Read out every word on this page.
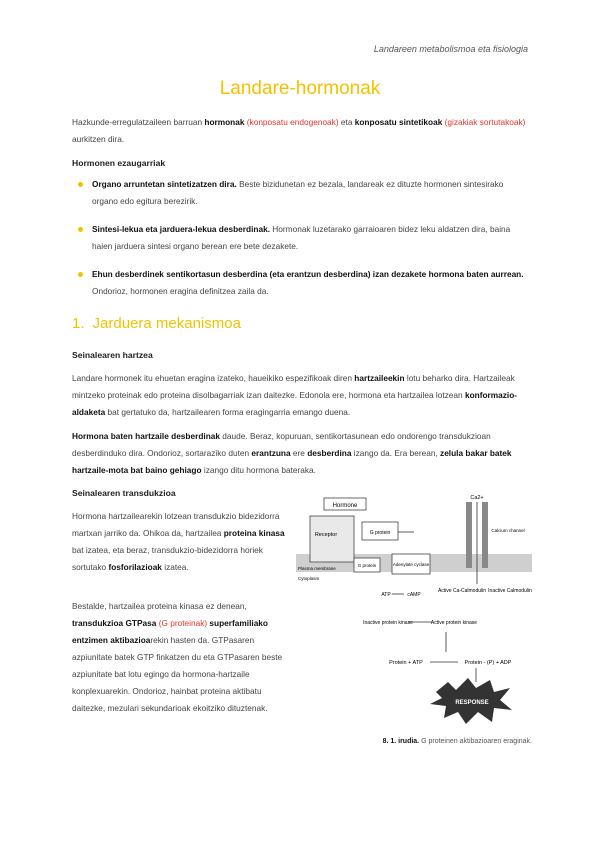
Landareen metabolismoa eta fisiologia
Landare-hormonak
Hazkunde-erregulatzaileen barruan hormonak (konposatu endogenoak) eta konposatu sintetikoak (gizakiak sortutakoak) aurkitzen dira.
Hormonen ezaugarriak
Organo arruntetan sintetizatzen dira. Beste bizidunetan ez bezala, landareak ez dituzte hormonen sintesirako organo edo egitura berezirik.
Sintesi-lekua eta jarduera-lekua desberdinak. Hormonak luzetarako garraioaren bidez leku aldatzen dira, baina haien jarduera sintesi organo berean ere bete dezakete.
Ehun desberdinek sentikortasun desberdina (eta erantzun desberdina) izan dezakete hormona baten aurrean. Ondorioz, hormonen eragina definitzea zaila da.
1. Jarduera mekanismoa
Seinalearen hartzea
Landare hormonek itu ehuetan eragina izateko, haueikiko espezifikoak diren hartzaileekin lotu beharko dira. Hartzaileak mintzeko proteinak edo proteina disolbagarriak izan daitezke. Edonola ere, hormona eta hartzailea lotzean konformazio-aldaketa bat gertatuko da, hartzailearen forma eragingarria emango duena.
Hormona baten hartzaile desberdinak daude. Beraz, kopuruan, sentikortasunean edo ondorengo transdukzioan desberdinduko dira. Ondorioz, sortaraziko duten erantzuna ere desberdina izango da. Era berean, zelula bakar batek hartzaile-mota bat baino gehiago izango ditu hormona bateraka.
Seinalearen transdukzioa
Hormona hartzailearekin lotzean transdukzio bidezidorra martxan jarriko da. Ohikoa da, hartzailea proteina kinasa bat izatea, eta beraz, transdukzio-bidezidorra horiek sortutako fosforilazioak izatea.
Bestalde, hartzailea proteina kinasa ez denean, transdukzioa GTPasa (G proteinak) superfamiliako entzimen aktibazioarekin hasten da. GTPasaren azpiunitate batek GTP finkatzen du eta GTPasaren beste azpiunitate bat lotu egingo da hormona-hartzaile konplexuarekin. Ondorioz, hainbat proteina aktibatu daitezke, mezulari sekundarioak ekoitziko dituztenak.
Hormone
Receptor	G protein
G protein	Adenylate cyclase
Plasma membrane
Cytoplasm
Ca2+
Calcium channel
ATP	cAMP
Active Ca-Calmodulin Inactive Calmodulin
Inactive protein kinase	Active protein kinase
Protein + ATP	Protein - (P) + ADP
RESPONSE
8. 1. irudia. G proteinen aktibazioaren eraginak.
